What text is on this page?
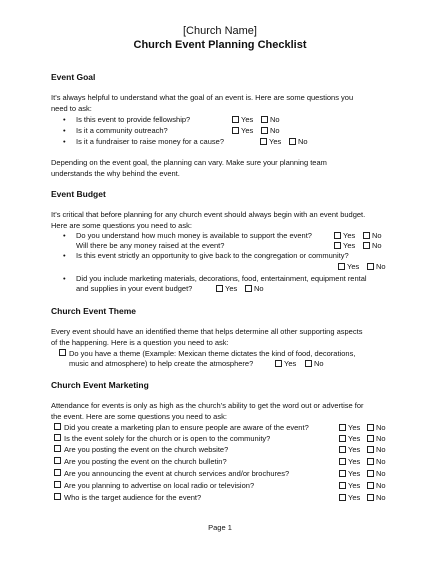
[Church Name]
Church Event Planning Checklist
Event Goal
It’s always helpful to understand what the goal of an event is. Here are some questions you
need to ask:
• Is this event to provide fellowship?	Yes	No
• Is it a community outreach?	Yes	No
• Is it a fundraiser to raise money for a cause?	Yes	No
Depending on the event goal, the planning can vary. Make sure your planning team
understands the why behind the event.
Event Budget
It’s critical that before planning for any church event should always begin with an event budget.
Here are some questions you need to ask:
• Do you understand how much money is available to support the event?	Yes	No
Will there be any money raised at the event?	Yes	No
• Is this event strictly an opportunity to give back to the congregation or community?
Yes	No
• Did you include marketing materials, decorations, food, entertainment, equipment rental
and supplies in your event budget?	Yes	No
Church Event Theme
Every event should have an identified theme that helps determine all other supporting aspects
of the happening. Here is a question you need to ask:
Do you have a theme (Example: Mexican theme dictates the kind of food, decorations,
music and atmosphere) to help create the atmosphere?	Yes	No
Church Event Marketing
Attendance for events is only as high as the church’s ability to get the word out or advertise for
the event. Here are some questions you need to ask:
Did you create a marketing plan to ensure people are aware of the event?	Yes	No
Is the event solely for the church or is open to the community?	Yes	No
Are you posting the event on the church website?	Yes	No
Are you posting the event on the church bulletin?	Yes	No
Are you announcing the event at church services and/or brochures?	Yes	No
Are you planning to advertise on local radio or television?	Yes	No
Who is the target audience for the event?	Yes	No
Page 1
